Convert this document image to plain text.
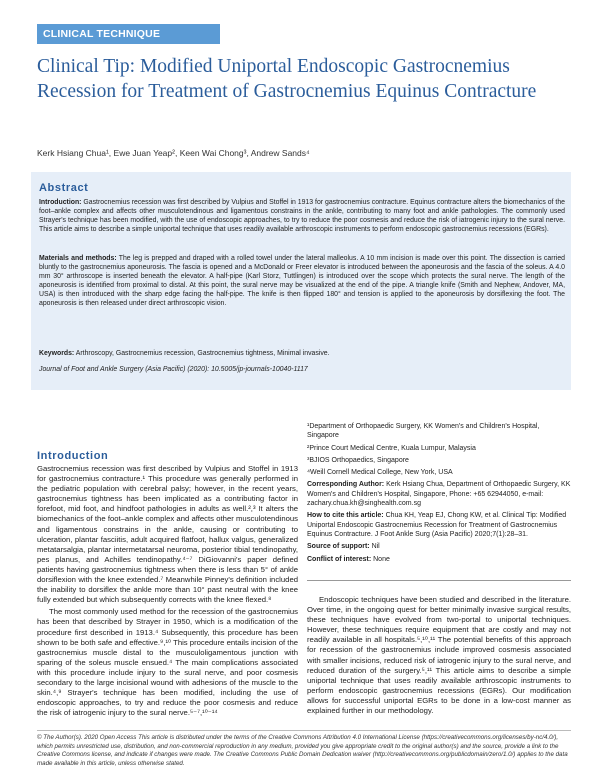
CLINICAL TECHNIQUE
Clinical Tip: Modified Uniportal Endoscopic Gastrocnemius Recession for Treatment of Gastrocnemius Equinus Contracture
Kerk Hsiang Chua¹, Ewe Juan Yeap², Keen Wai Chong³, Andrew Sands⁴
Abstract
Introduction: Gastrocnemius recession was first described by Vulpius and Stoffel in 1913 for gastrocnemius contracture. Equinus contracture alters the biomechanics of the foot–ankle complex and affects other musculotendinous and ligamentous constrains in the ankle, contributing to many foot and ankle pathologies. The commonly used Strayer's technique has been modified, with the use of endoscopic approaches, to try to reduce the poor cosmesis and reduce the risk of iatrogenic injury to the sural nerve. This article aims to describe a simple uniportal technique that uses readily available arthroscopic instruments to perform endoscopic gastrocnemius recessions (EGRs).
Materials and methods: The leg is prepped and draped with a rolled towel under the lateral malleolus. A 10 mm incision is made over this point. The dissection is carried bluntly to the gastrocnemius aponeurosis. The fascia is opened and a McDonald or Freer elevator is introduced between the aponeurosis and the fascia of the soleus. A 4.0 mm 30° arthroscope is inserted beneath the elevator. A half-pipe (Karl Storz, Tuttlingen) is introduced over the scope which protects the sural nerve. The length of the aponeurosis is identified from proximal to distal. At this point, the sural nerve may be visualized at the end of the pipe. A triangle knife (Smith and Nephew, Andover, MA, USA) is then introduced with the sharp edge facing the half-pipe. The knife is then flipped 180° and tension is applied to the aponeurosis by dorsiflexing the foot. The aponeurosis is then released under direct arthroscopic vision.
Keywords: Arthroscopy, Gastrocnemius recession, Gastrocnemius tightness, Minimal invasive.
Journal of Foot and Ankle Surgery (Asia Pacific) (2020): 10.5005/jp-journals-10040-1117
Introduction

Gastrocnemius recession was first described by Vulpius and Stoffel in 1913 for gastrocnemius contracture.¹ This procedure was generally performed in the pediatric population with cerebral palsy; however, in the recent years, gastrocnemius tightness has been implicated as a contributing factor in forefoot, mid foot, and hindfoot pathologies in adults as well.²,³ It alters the biomechanics of the foot–ankle complex and affects other musculotendinous and ligamentous constrains in the ankle, causing or contributing to ulceration, plantar fasciitis, adult acquired flatfoot, hallux valgus, generalized metatarsalgia, plantar intermetatarsal neuroma, posterior tibial tendinopathy, pes planus, and Achilles tendinopathy.⁴⁻⁷ DiGiovanni's paper defined patients having gastrocnemius tightness when there is less than 5° of ankle dorsiflexion with the knee extended.⁷ Meanwhile Pinney's definition included the inability to dorsiflex the ankle more than 10° past neutral with the knee fully extended but which subsequently corrects with the knee flexed.⁸

The most commonly used method for the recession of the gastrocnemius has been that described by Strayer in 1950, which is a modification of the procedure first described in 1913.⁴ Subsequently, this procedure has been shown to be both safe and effective.⁹,¹⁰ This procedure entails incision of the gastrocnemius muscle distal to the musculoligamentous junction with sparing of the soleus muscle ensued.⁴ The main complications associated with this procedure include injury to the sural nerve, and poor cosmesis secondary to the large incisional wound with adhesions of the muscle to the skin.⁴,⁹ Strayer's technique has been modified, including the use of endoscopic approaches, to try and reduce the poor cosmesis and reduce the risk of iatrogenic injury to the sural nerve.⁵⁻⁷,¹⁰⁻¹⁴

¹Department of Orthopaedic Surgery, KK Women's and Children's Hospital, Singapore
²Prince Court Medical Centre, Kuala Lumpur, Malaysia
³BJIOS Orthopaedics, Singapore
⁴Weill Cornell Medical College, New York, USA
Corresponding Author: Kerk Hsiang Chua, Department of Orthopaedic Surgery, KK Women's and Children's Hospital, Singapore, Phone: +65 62944050, e-mail: zachary.chua.kh@singhealth.com.sg
How to cite this article: Chua KH, Yeap EJ, Chong KW, et al. Clinical Tip: Modified Uniportal Endoscopic Gastrocnemius Recession for Treatment of Gastrocnemius Equinus Contracture. J Foot Ankle Surg (Asia Pacific) 2020;7(1):28–31.
Source of support: Nil
Conflict of interest: None
Endoscopic techniques have been studied and described in the literature. Over time, in the ongoing quest for better minimally invasive surgical results, these techniques have evolved from two-portal to uniportal techniques. However, these techniques require equipment that are costly and may not readily available in all hospitals.⁵,¹⁰,¹¹ The potential benefits of this approach for recession of the gastrocnemius include improved cosmesis associated with smaller incisions, reduced risk of iatrogenic injury to the sural nerve, and reduced duration of the surgery.⁵,¹¹ This article aims to describe a simple uniportal technique that uses readily available arthroscopic instruments to perform endoscopic gastrocnemius recessions (EGRs). Our modification allows for successful uniportal EGRs to be done in a low-cost manner as explained further in our methodology.
© The Author(s). 2020 Open Access This article is distributed under the terms of the Creative Commons Attribution 4.0 International License (https://creativecommons.org/licenses/by-nc/4.0/), which permits unrestricted use, distribution, and non-commercial reproduction in any medium, provided you give appropriate credit to the original author(s) and the source, provide a link to the Creative Commons license, and indicate if changes were made. The Creative Commons Public Domain Dedication waiver (http://creativecommons.org/publicdomain/zero/1.0/) applies to the data made available in this article, unless otherwise stated.
